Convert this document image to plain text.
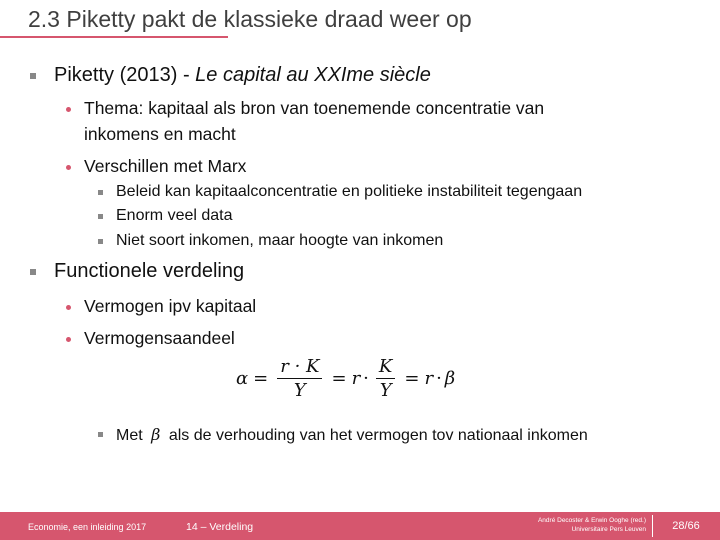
2.3 Piketty pakt de klassieke draad weer op
Piketty (2013) - Le capital au XXIme siècle
Thema: kapitaal als bron van toenemende concentratie van
inkomens en macht
Verschillen met Marx
Beleid kan kapitaalconcentratie en politieke instabiliteit tegengaan
Enorm veel data
Niet soort inkomen, maar hoogte van inkomen
Functionele verdeling
Vermogen ipv kapitaal
Vermogensaandeel
$\alpha = \frac{r \cdot K}{Y} = r \cdot \frac{K}{Y} = r \cdot \beta$
Met β als de verhouding van het vermogen tov nationaal inkomen
Economie, een inleiding 2017	14 – Verdeling
André Decoster & Erwin Ooghe (red.)
Universitaire Pers Leuven	28/66
